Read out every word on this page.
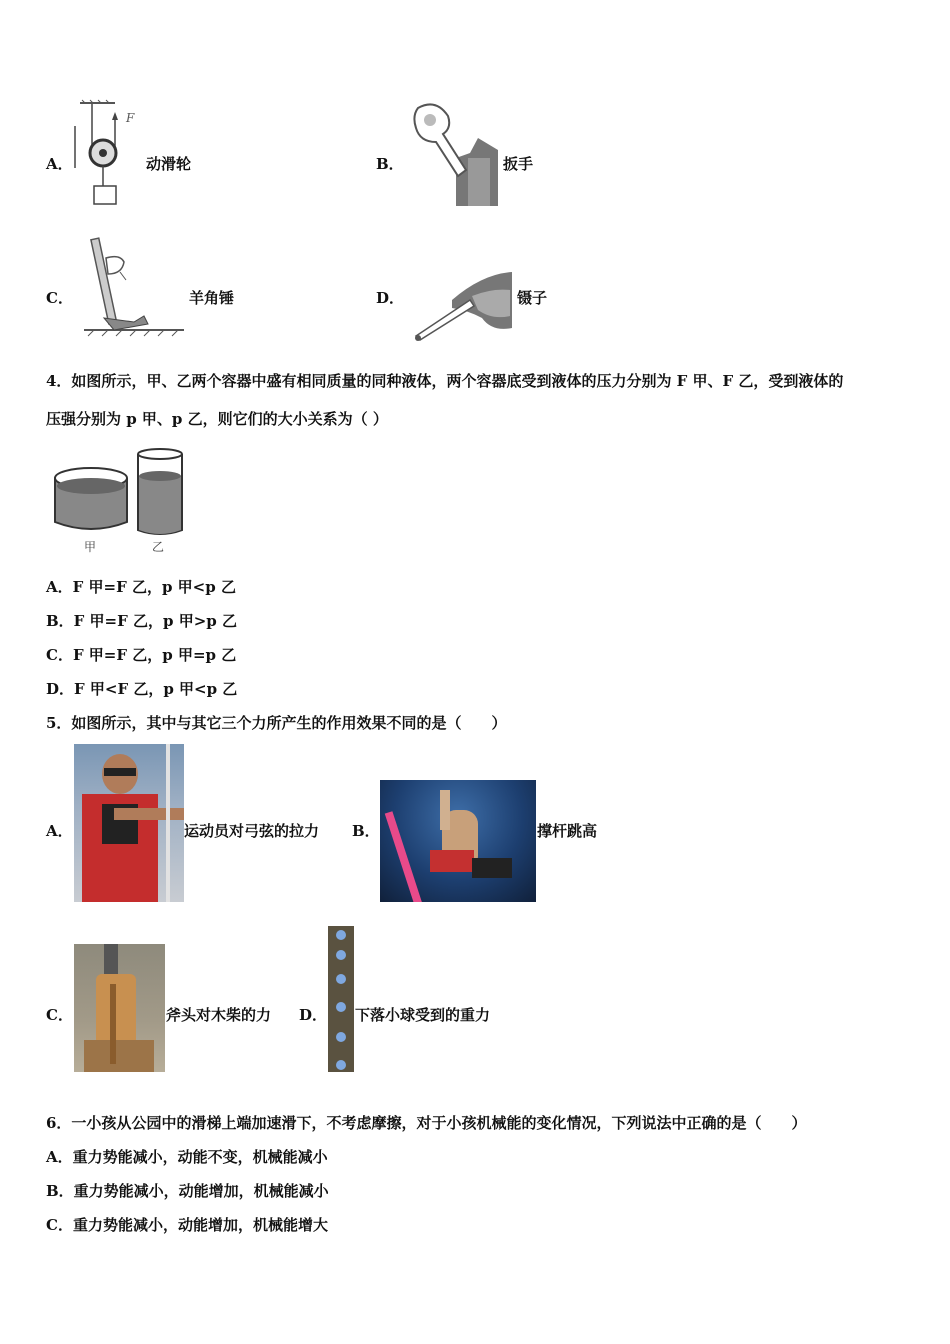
A．
F
动滑轮	B．	扳手
C．	羊角锤	D．	镊子
4．如图所示，甲、乙两个容器中盛有相同质量的同种液体，两个容器底受到液体的压力分别为 F 甲、F 乙，受到液体的
压强分别为 p 甲、p 乙，则它们的大小关系为（ ）
甲	乙
A．F 甲=F 乙，p 甲<p 乙
B．F 甲=F 乙，p 甲>p 乙
C．F 甲=F 乙，p 甲=p 乙
D．F 甲<F 乙，p 甲<p 乙
5．如图所示，其中与其它三个力所产生的作用效果不同的是（　　）
A．	运动员对弓弦的拉力 B．	撑杆跳高
C．	斧头对木柴的力 D． 下落小球受到的重力
6．一小孩从公园中的滑梯上端加速滑下，不考虑摩擦，对于小孩机械能的变化情况，下列说法中正确的是（　　）
A．重力势能减小，动能不变，机械能减小
B．重力势能减小，动能增加，机械能减小
C．重力势能减小，动能增加，机械能增大
